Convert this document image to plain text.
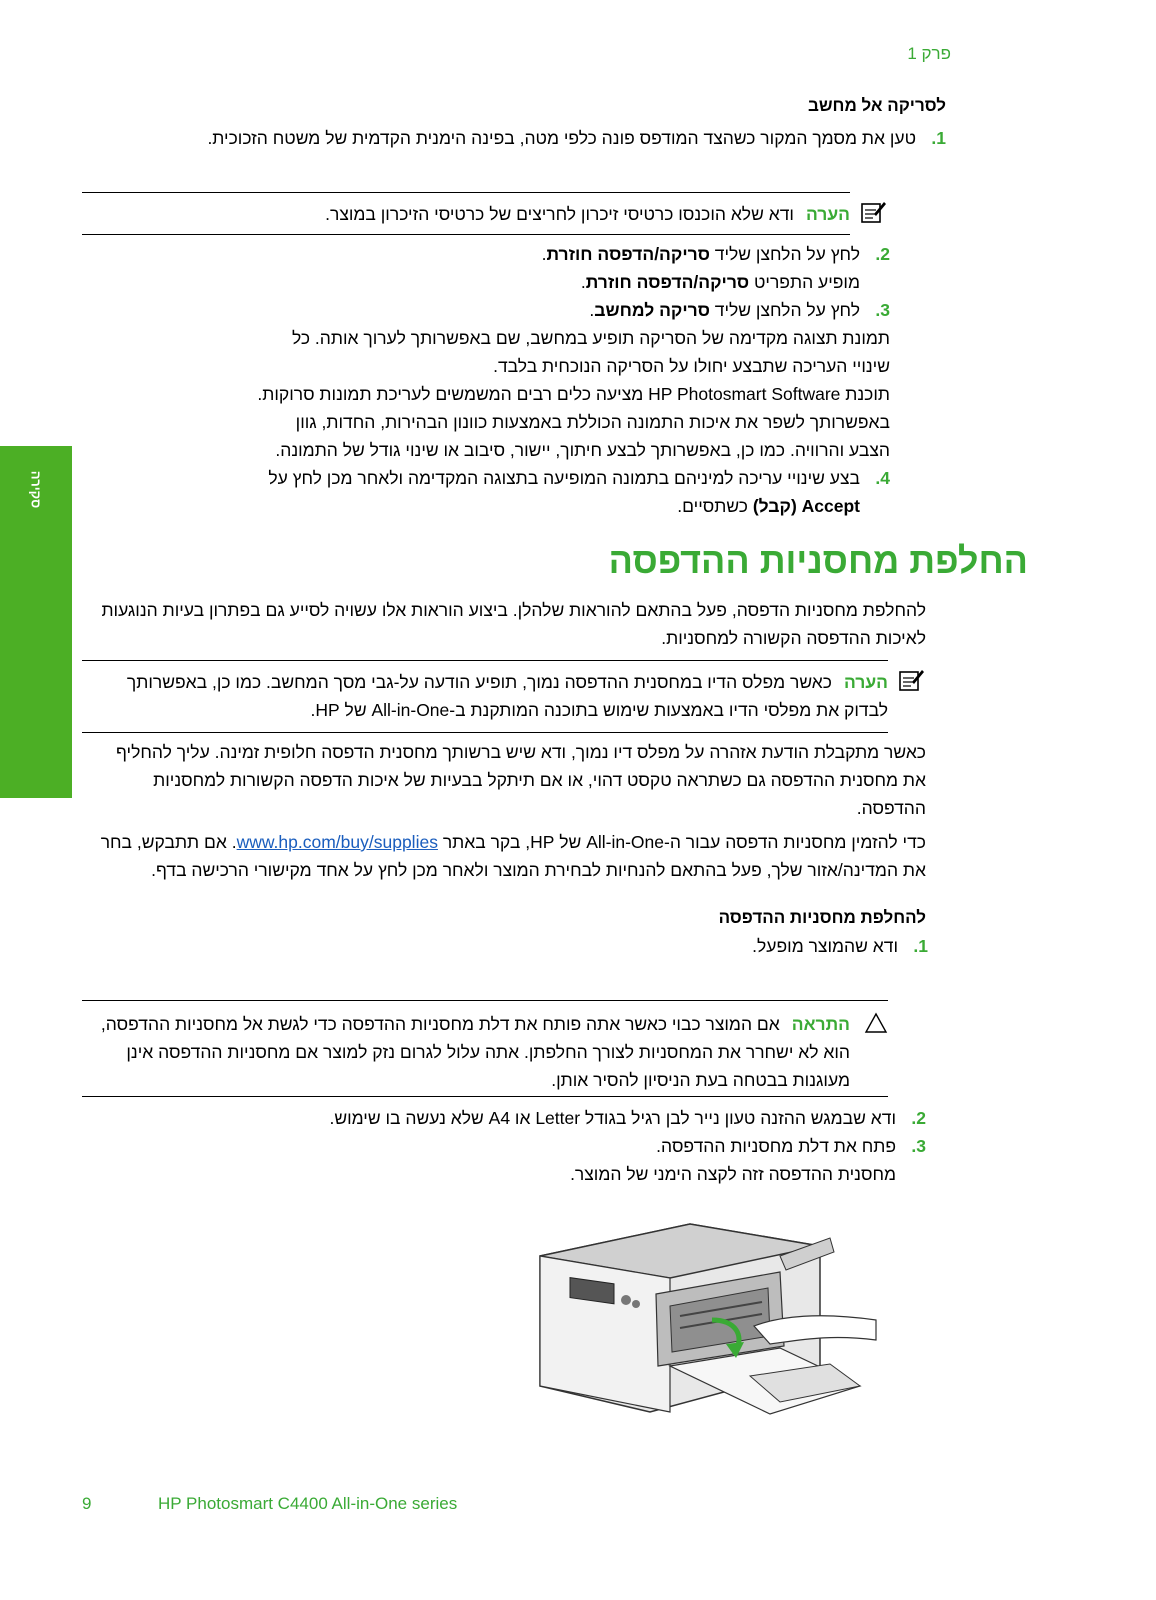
פרק 1
סקירה
לסריקה אל מחשב
1.
טען את מסמך המקור כשהצד המודפס פונה כלפי מטה, בפינה הימנית הקדמית של משטח הזכוכית.
הערהודא שלא הוכנסו כרטיסי זיכרון לחריצים של כרטיסי הזיכרון במוצר.
2.
לחץ על הלחצן שליד סריקה/הדפסה חוזרת.
מופיע התפריט סריקה/הדפסה חוזרת.
3.
לחץ על הלחצן שליד סריקה למחשב.
תמונת תצוגה מקדימה של הסריקה תופיע במחשב, שם באפשרותך לערוך אותה. כל שינויי העריכה שתבצע יחולו על הסריקה הנוכחית בלבד.
תוכנת HP Photosmart Software מציעה כלים רבים המשמשים לעריכת תמונות סרוקות. באפשרותך לשפר את איכות התמונה הכוללת באמצעות כוונון הבהירות, החדות, גוון הצבע והרוויה. כמו כן, באפשרותך לבצע חיתוך, יישור, סיבוב או שינוי גודל של התמונה.
4.
בצע שינויי עריכה למיניהם בתמונה המופיעה בתצוגה המקדימה ולאחר מכן לחץ על Accept (קבל) כשתסיים.
החלפת מחסניות ההדפסה
להחלפת מחסניות הדפסה, פעל בהתאם להוראות שלהלן. ביצוע הוראות אלו עשויה לסייע גם בפתרון בעיות הנוגעות לאיכות ההדפסה הקשורה למחסניות.
הערהכאשר מפלס הדיו במחסנית ההדפסה נמוך, תופיע הודעה על-גבי מסך המחשב. כמו כן, באפשרותך לבדוק את מפלסי הדיו באמצעות שימוש בתוכנה המותקנת ב-All-in-One של HP.
כאשר מתקבלת הודעת אזהרה על מפלס דיו נמוך, ודא שיש ברשותך מחסנית הדפסה חלופית זמינה. עליך להחליף את מחסנית ההדפסה גם כשתראה טקסט דהוי, או אם תיתקל בבעיות של איכות הדפסה הקשורות למחסניות ההדפסה.
כדי להזמין מחסניות הדפסה עבור ה-All-in-One של HP, בקר באתר www.hp.com/buy/supplies. אם תתבקש, בחר את המדינה/אזור שלך, פעל בהתאם להנחיות לבחירת המוצר ולאחר מכן לחץ על אחד מקישורי הרכישה בדף.
להחלפת מחסניות ההדפסה
1.
ודא שהמוצר מופעל.
התראהאם המוצר כבוי כאשר אתה פותח את דלת מחסניות ההדפסה כדי לגשת אל מחסניות ההדפסה, הוא לא ישחרר את המחסניות לצורך החלפתן. אתה עלול לגרום נזק למוצר אם מחסניות ההדפסה אינן מעוגנות בבטחה בעת הניסיון להסיר אותן.
2.
ודא שבמגש ההזנה טעון נייר לבן רגיל בגודל Letter או A4 שלא נעשה בו שימוש.
3.
פתח את דלת מחסניות ההדפסה.
מחסנית ההדפסה זזה לקצה הימני של המוצר.
9	HP Photosmart C4400 All-in-One series
